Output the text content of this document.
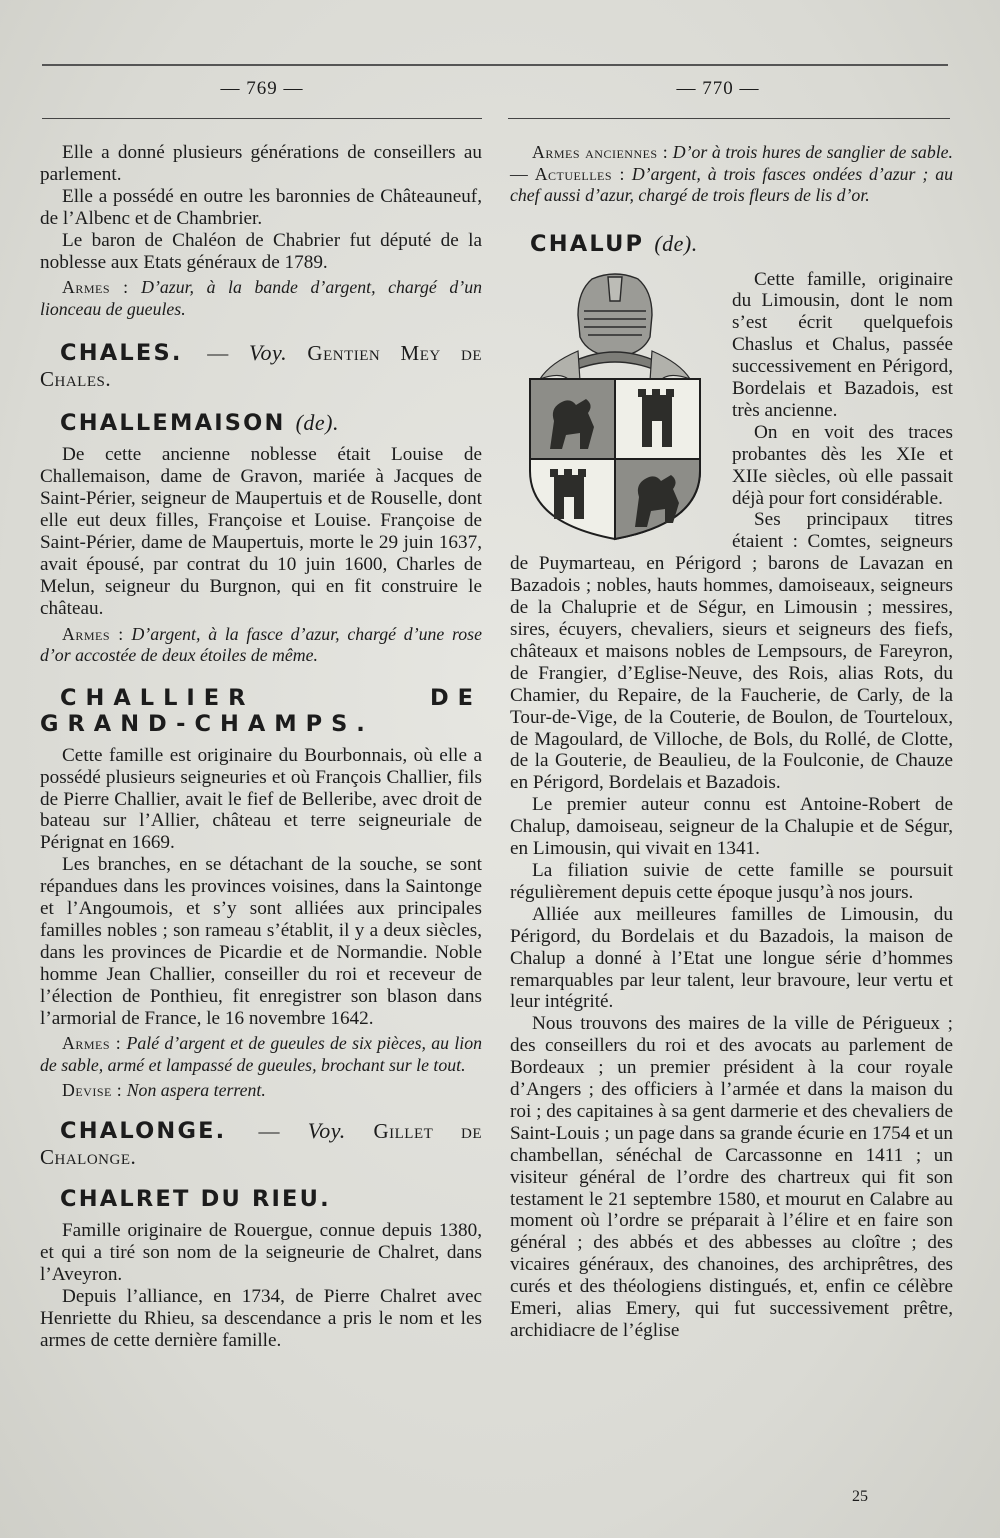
— 769 —	— 770 —

Elle a donné plusieurs générations de conseillers au parlement.

Elle a possédé en outre les baronnies de Châteauneuf, de l’Albenc et de Chambrier.

Le baron de Chaléon de Chabrier fut député de la noblesse aux Etats généraux de 1789.

Armes : D’azur, à la bande d’argent, chargé d’un lionceau de gueules.

CHALES. — Voy. Gentien Mey de Chales.
CHALLEMAISON (de).

De cette ancienne noblesse était Louise de Challemaison, dame de Gravon, mariée à Jacques de Saint-Périer, seigneur de Maupertuis et de Rouselle, dont elle eut deux filles, Françoise et Louise. Françoise de Saint-Périer, dame de Maupertuis, morte le 29 juin 1637, avait épousé, par contrat du 10 juin 1600, Charles de Melun, seigneur du Burgnon, qui en fit construire le château.

Armes : D’argent, à la fasce d’azur, chargé d’une rose d’or accostée de deux étoiles de même.

CHALLIER DE GRAND-CHAMPS.

Cette famille est originaire du Bourbonnais, où elle a possédé plusieurs seigneuries et où François Challier, fils de Pierre Challier, avait le fief de Belleribe, avec droit de bateau sur l’Allier, château et terre seigneuriale de Pérignat en 1669.

Les branches, en se détachant de la souche, se sont répandues dans les provinces voisines, dans la Saintonge et l’Angoumois, et s’y sont alliées aux principales familles nobles ; son rameau s’établit, il y a deux siècles, dans les provinces de Picardie et de Normandie. Noble homme Jean Challier, conseiller du roi et receveur de l’élection de Ponthieu, fit enregistrer son blason dans l’armorial de France, le 16 novembre 1642.

Armes : Palé d’argent et de gueules de six pièces, au lion de sable, armé et lampassé de gueules, brochant sur le tout.

Devise : Non aspera terrent.

CHALONGE. — Voy. Gillet de Chalonge.
CHALRET DU RIEU.

Famille originaire de Rouergue, connue depuis 1380, et qui a tiré son nom de la seigneurie de Chalret, dans l’Aveyron.

Depuis l’alliance, en 1734, de Pierre Chalret avec Henriette du Rhieu, sa descendance a pris le nom et les armes de cette dernière famille.

Armes anciennes : D’or à trois hures de sanglier de sable. — Actuelles : D’argent, à trois fasces ondées d’azur ; au chef aussi d’azur, chargé de trois fleurs de lis d’or.

CHALUP (de).

Cette famille, originaire du Limousin, dont le nom s’est écrit quelquefois Chaslus et Chalus, passée successivement en Périgord, Bordelais et Bazadois, est très ancienne.

On en voit des traces probantes dès les XIe et XIIe siècles, où elle passait déjà pour fort considérable.

Ses principaux titres étaient : Comtes, seigneurs de Puymarteau, en Périgord ; barons de Lavazan en Bazadois ; nobles, hauts hommes, damoiseaux, seigneurs de la Chaluprie et de Ségur, en Limousin ; messires, sires, écuyers, chevaliers, sieurs et seigneurs des fiefs, châteaux et maisons nobles de Lempsours, de Fareyron, de Frangier, d’Eglise-Neuve, des Rois, alias Rots, du Chamier, du Repaire, de la Faucherie, de Carly, de la Tour-de-Vige, de la Couterie, de Boulon, de Tourteloux, de Magoulard, de Villoche, de Bols, du Rollé, de Clotte, de la Gouterie, de Beaulieu, de la Foulconie, de Chauze en Périgord, Bordelais et Bazadois.

Le premier auteur connu est Antoine-Robert de Chalup, damoiseau, seigneur de la Chalupie et de Ségur, en Limousin, qui vivait en 1341.

La filiation suivie de cette famille se poursuit régulièrement depuis cette époque jusqu’à nos jours.

Alliée aux meilleures familles de Limousin, du Périgord, du Bordelais et du Bazadois, la maison de Chalup a donné à l’Etat une longue série d’hommes remarquables par leur talent, leur bravoure, leur vertu et leur intégrité.

Nous trouvons des maires de la ville de Périgueux ; des conseillers du roi et des avocats au parlement de Bordeaux ; un premier président à la cour royale d’Angers ; des officiers à l’armée et dans la maison du roi ; des capitaines à sa gent darmerie et des chevaliers de Saint-Louis ; un page dans sa grande écurie en 1754 et un chambellan, sénéchal de Carcassonne en 1411 ; un visiteur général de l’ordre des chartreux qui fit son testament le 21 septembre 1580, et mourut en Calabre au moment où l’ordre se préparait à l’élire et en faire son général ; des abbés et des abbesses au cloître ; des vicaires généraux, des chanoines, des archiprêtres, des curés et des théologiens distingués, et, enfin ce célèbre Emeri, alias Emery, qui fut successivement prêtre, archidiacre de l’église

25
